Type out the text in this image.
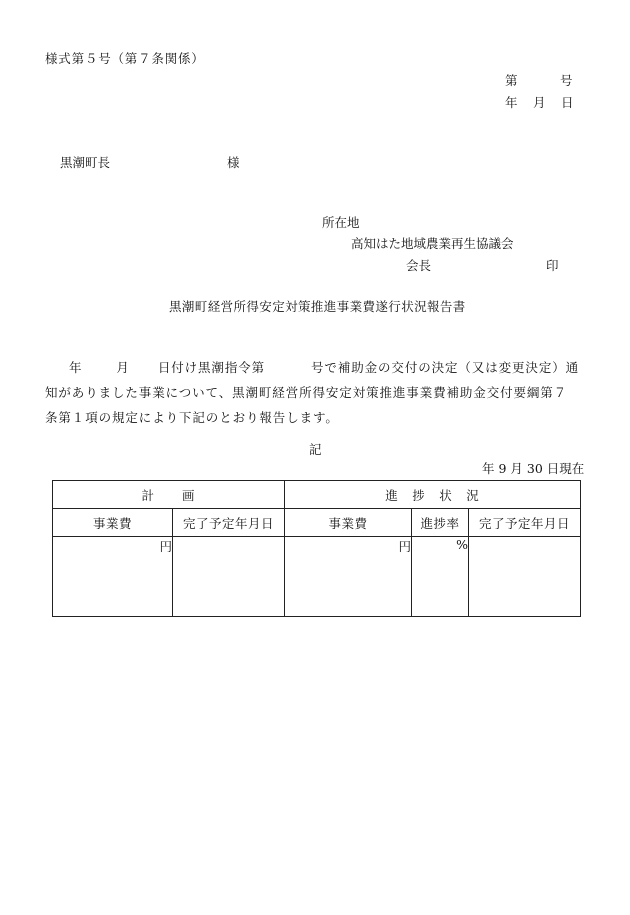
様式第５号（第７条関係）
第	号
年 月 日
黒潮町長	様
所在地
高知はた地域農業再生協議会
会長	印
黒潮町経営所得安定対策推進事業費遂行状況報告書
年	月 日付け黒潮指令第	号で補助金の交付の決定（又は変更決定）通
知がありました事業について、黒潮町経営所得安定対策推進事業費補助金交付要綱第７
条第１項の規定により下記のとおり報告します。
記
年 9 月 30 日現在
計　　画		進　捗　状　況		
事業費	完了予定年月日	事業費	進捗率	完了予定年月日
円		円	%	
